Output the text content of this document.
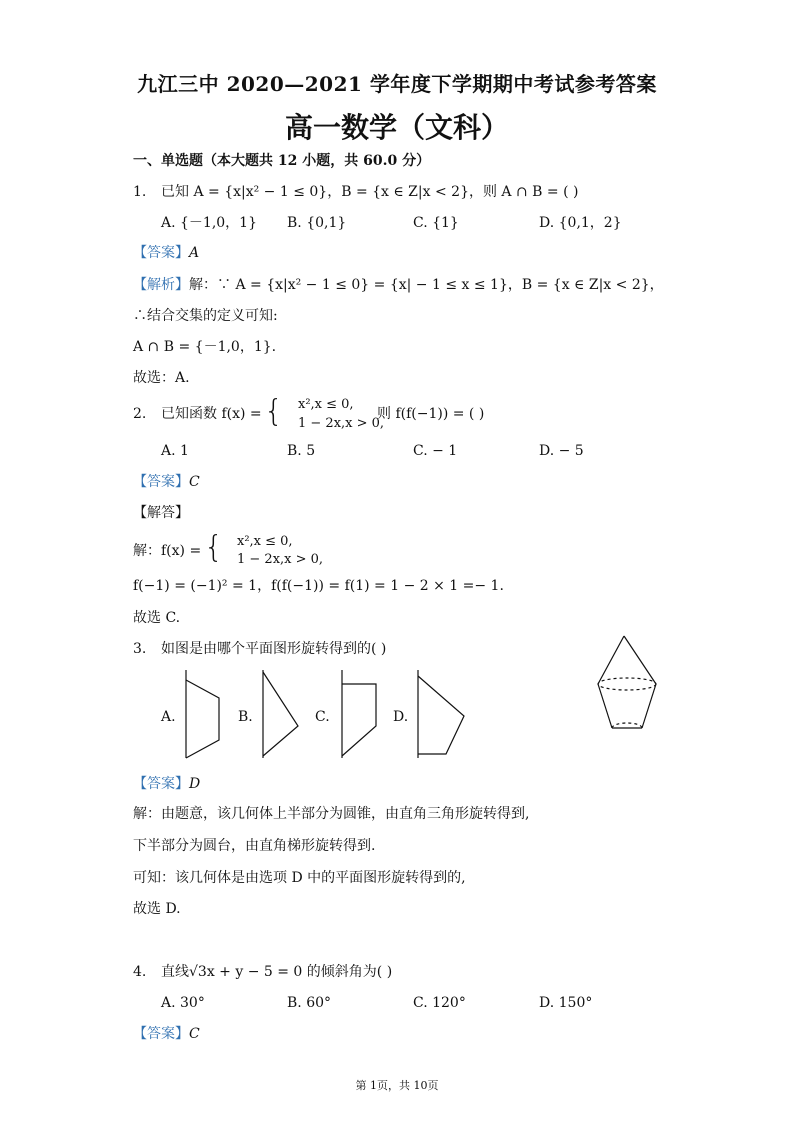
九江三中 2020—2021 学年度下学期期中考试参考答案
高一数学（文科）
一、单选题（本大题共 12 小题，共 60.0 分）
1. 已知 A = {x|x² − 1 ≤ 0}，B = {x ∈ Z|x < 2}，则 A ∩ B = ( )
A. {－1,0，1} B. {0,1}	C. {1}	D. {0,1，2}
【答案】A
【解析】解：∵ A = {x|x² − 1 ≤ 0} = {x| − 1 ≤ x ≤ 1}，B = {x ∈ Z|x < 2}，
∴结合交集的定义可知:
A ∩ B = {－1,0，1}.
故选：A.
2. 已知函数 f(x) = { x²,x ≤ 0,
1 − 2x,x > 0,
则 f(f(−1)) = ( )
A. 1	B. 5	C. − 1	D. − 5
【答案】C
【解答】
解：f(x) = { x²,x ≤ 0,
1 − 2x,x > 0,
f(−1) = (−1)² = 1，f(f(−1)) = f(1) = 1 − 2 × 1 =− 1.
故选 C.
3. 如图是由哪个平面图形旋转得到的( )
A.	B.	C.	D.
【答案】D
解：由题意，该几何体上半部分为圆锥，由直角三角形旋转得到,
下半部分为圆台，由直角梯形旋转得到.
可知：该几何体是由选项 D 中的平面图形旋转得到的,
故选 D.
4. 直线√3x + y − 5 = 0 的倾斜角为( )
A. 30°	B. 60°	C. 120°	D. 150°
【答案】C
第 1页，共 10页
